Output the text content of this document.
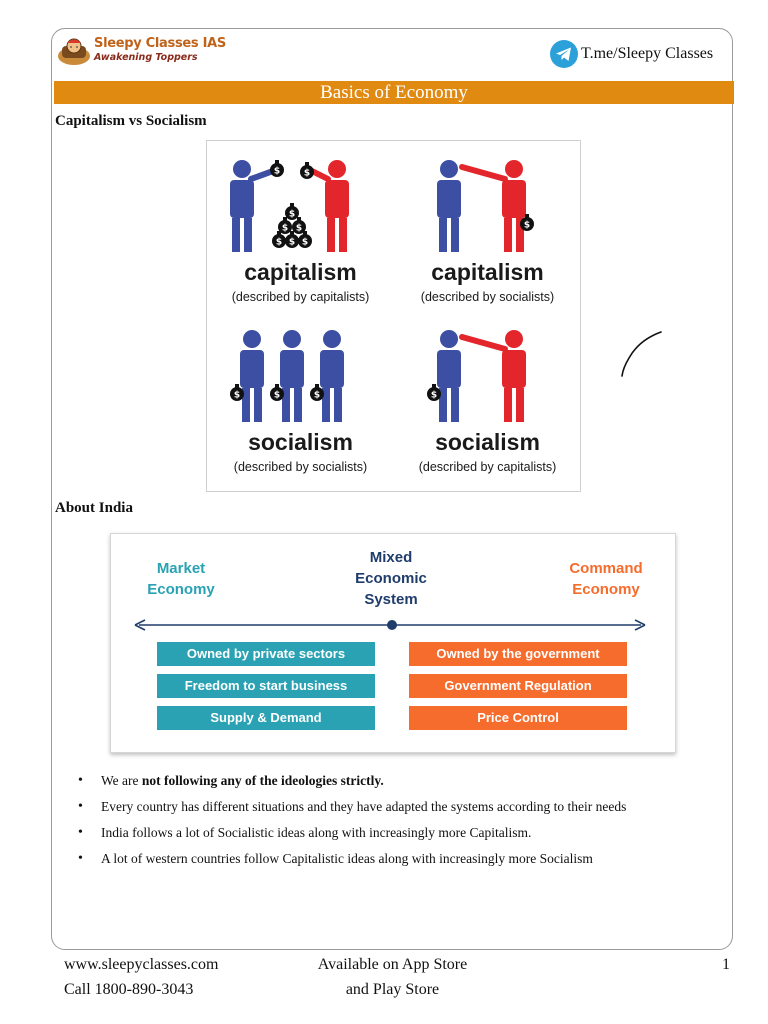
Sleepy Classes IAS
Awakening Toppers	T.me/Sleepy Classes
Basics of Economy
Capitalism vs Socialism
$
capitalism
(described by capitalists)
capitalism
(described by socialists)
socialism
(described by socialists)
socialism
(described by capitalists)
About India
Market
Economy
Mixed
Economic
System
Command
Economy
Owned by private sectors
Freedom to start business
Supply & Demand
Owned by the government
Government Regulation
Price Control
• We are not following any of the ideologies strictly.
• Every country has different situations and they have adapted the systems according to their needs
• India follows a lot of Socialistic ideas along with increasingly more Capitalism.
• A lot of western countries follow Capitalistic ideas along with increasingly more Socialism
www.sleepyclasses.com
Call 1800-890-3043
Available on App Store
and Play Store
1
